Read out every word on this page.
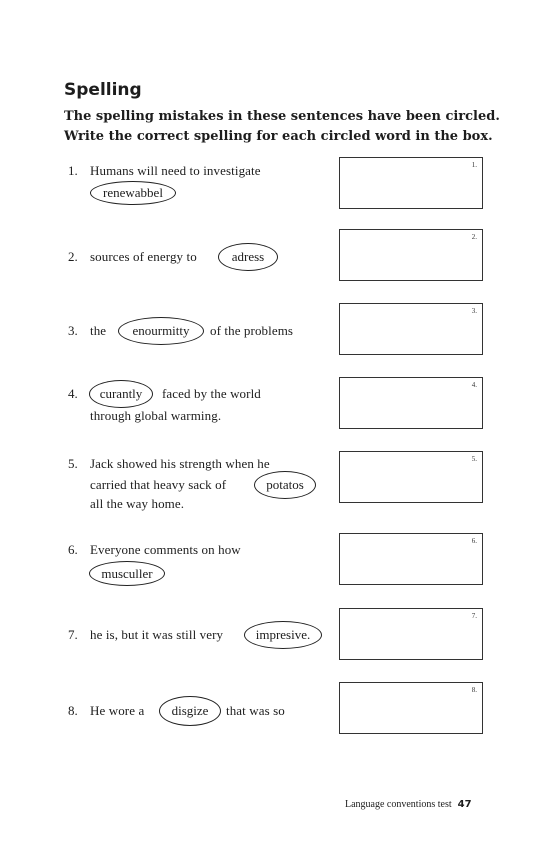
Spelling
The spelling mistakes in these sentences have been circled.
Write the correct spelling for each circled word in the box.
1. Humans will need to investigate
renewabbel
1.
2. sources of energy to	adress
2.
3. the	enourmitty	of the problems
3.
4.	curantly	faced by the world
through global warming.
4.
5. Jack showed his strength when he
carried that heavy sack of	potatos
all the way home.
5.
6. Everyone comments on how
musculler
6.
7. he is, but it was still very	impresive.
7.
8. He wore a	disgize	that was so
8.
Language conventions test 47
